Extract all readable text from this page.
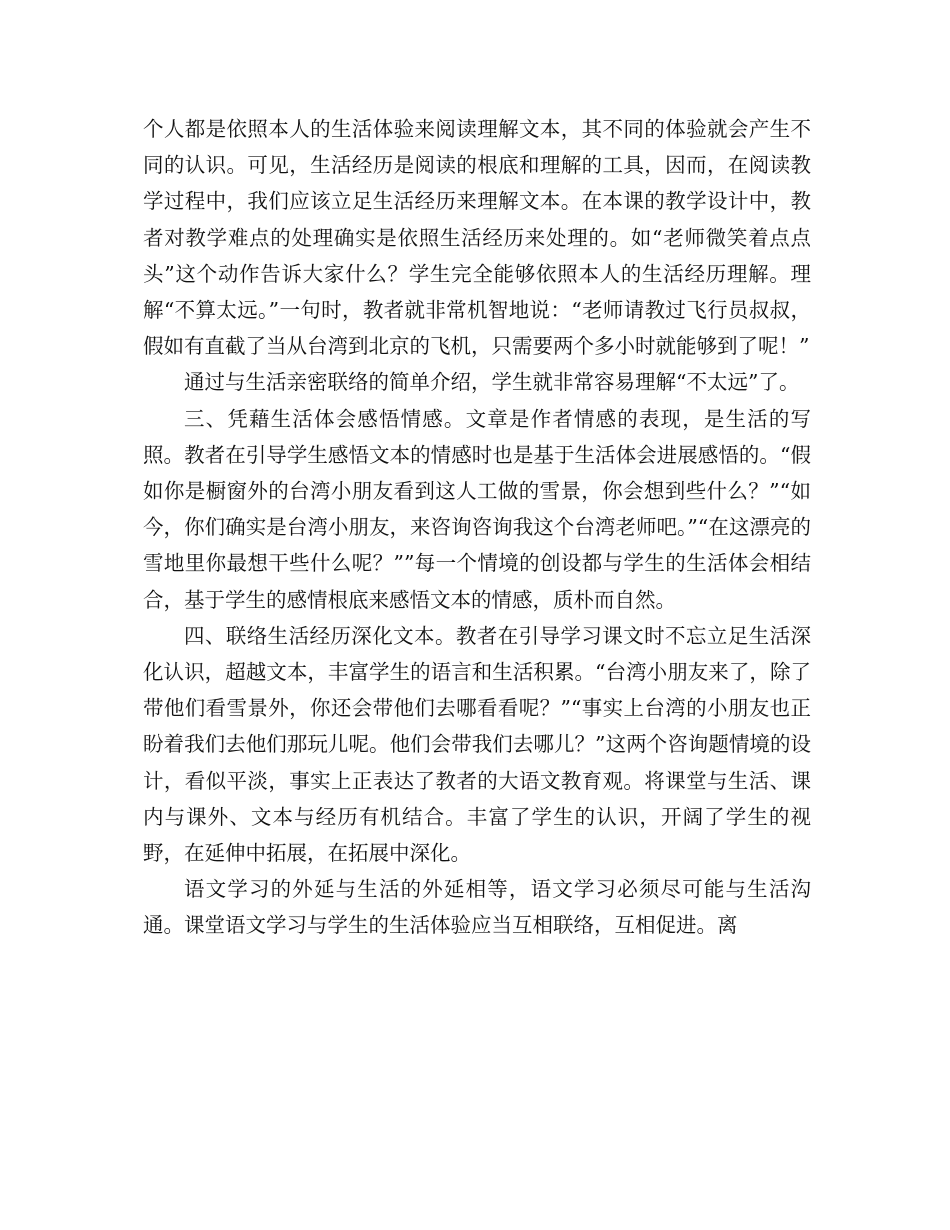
个人都是依照本人的生活体验来阅读理解文本，其不同的体验就会产生不同的认识。可见，生活经历是阅读的根底和理解的工具，因而，在阅读教学过程中，我们应该立足生活经历来理解文本。在本课的教学设计中，教者对教学难点的处理确实是依照生活经历来处理的。如“老师微笑着点点头”这个动作告诉大家什么？学生完全能够依照本人的生活经历理解。理解“不算太远。”一句时，教者就非常机智地说：“老师请教过飞行员叔叔，假如有直截了当从台湾到北京的飞机，只需要两个多小时就能够到了呢！”

通过与生活亲密联络的简单介绍，学生就非常容易理解“不太远”了。

三、凭藉生活体会感悟情感。文章是作者情感的表现，是生活的写照。教者在引导学生感悟文本的情感时也是基于生活体会进展感悟的。“假如你是橱窗外的台湾小朋友看到这人工做的雪景，你会想到些什么？”“如今，你们确实是台湾小朋友，来咨询咨询我这个台湾老师吧。”“在这漂亮的雪地里你最想干些什么呢？””每一个情境的创设都与学生的生活体会相结合，基于学生的感情根底来感悟文本的情感，质朴而自然。

四、联络生活经历深化文本。教者在引导学习课文时不忘立足生活深化认识，超越文本，丰富学生的语言和生活积累。“台湾小朋友来了，除了带他们看雪景外，你还会带他们去哪看看呢？”“事实上台湾的小朋友也正盼着我们去他们那玩儿呢。他们会带我们去哪儿？”这两个咨询题情境的设计，看似平淡，事实上正表达了教者的大语文教育观。将课堂与生活、课内与课外、文本与经历有机结合。丰富了学生的认识，开阔了学生的视野，在延伸中拓展，在拓展中深化。

语文学习的外延与生活的外延相等，语文学习必须尽可能与生活沟通。课堂语文学习与学生的生活体验应当互相联络，互相促进。离
